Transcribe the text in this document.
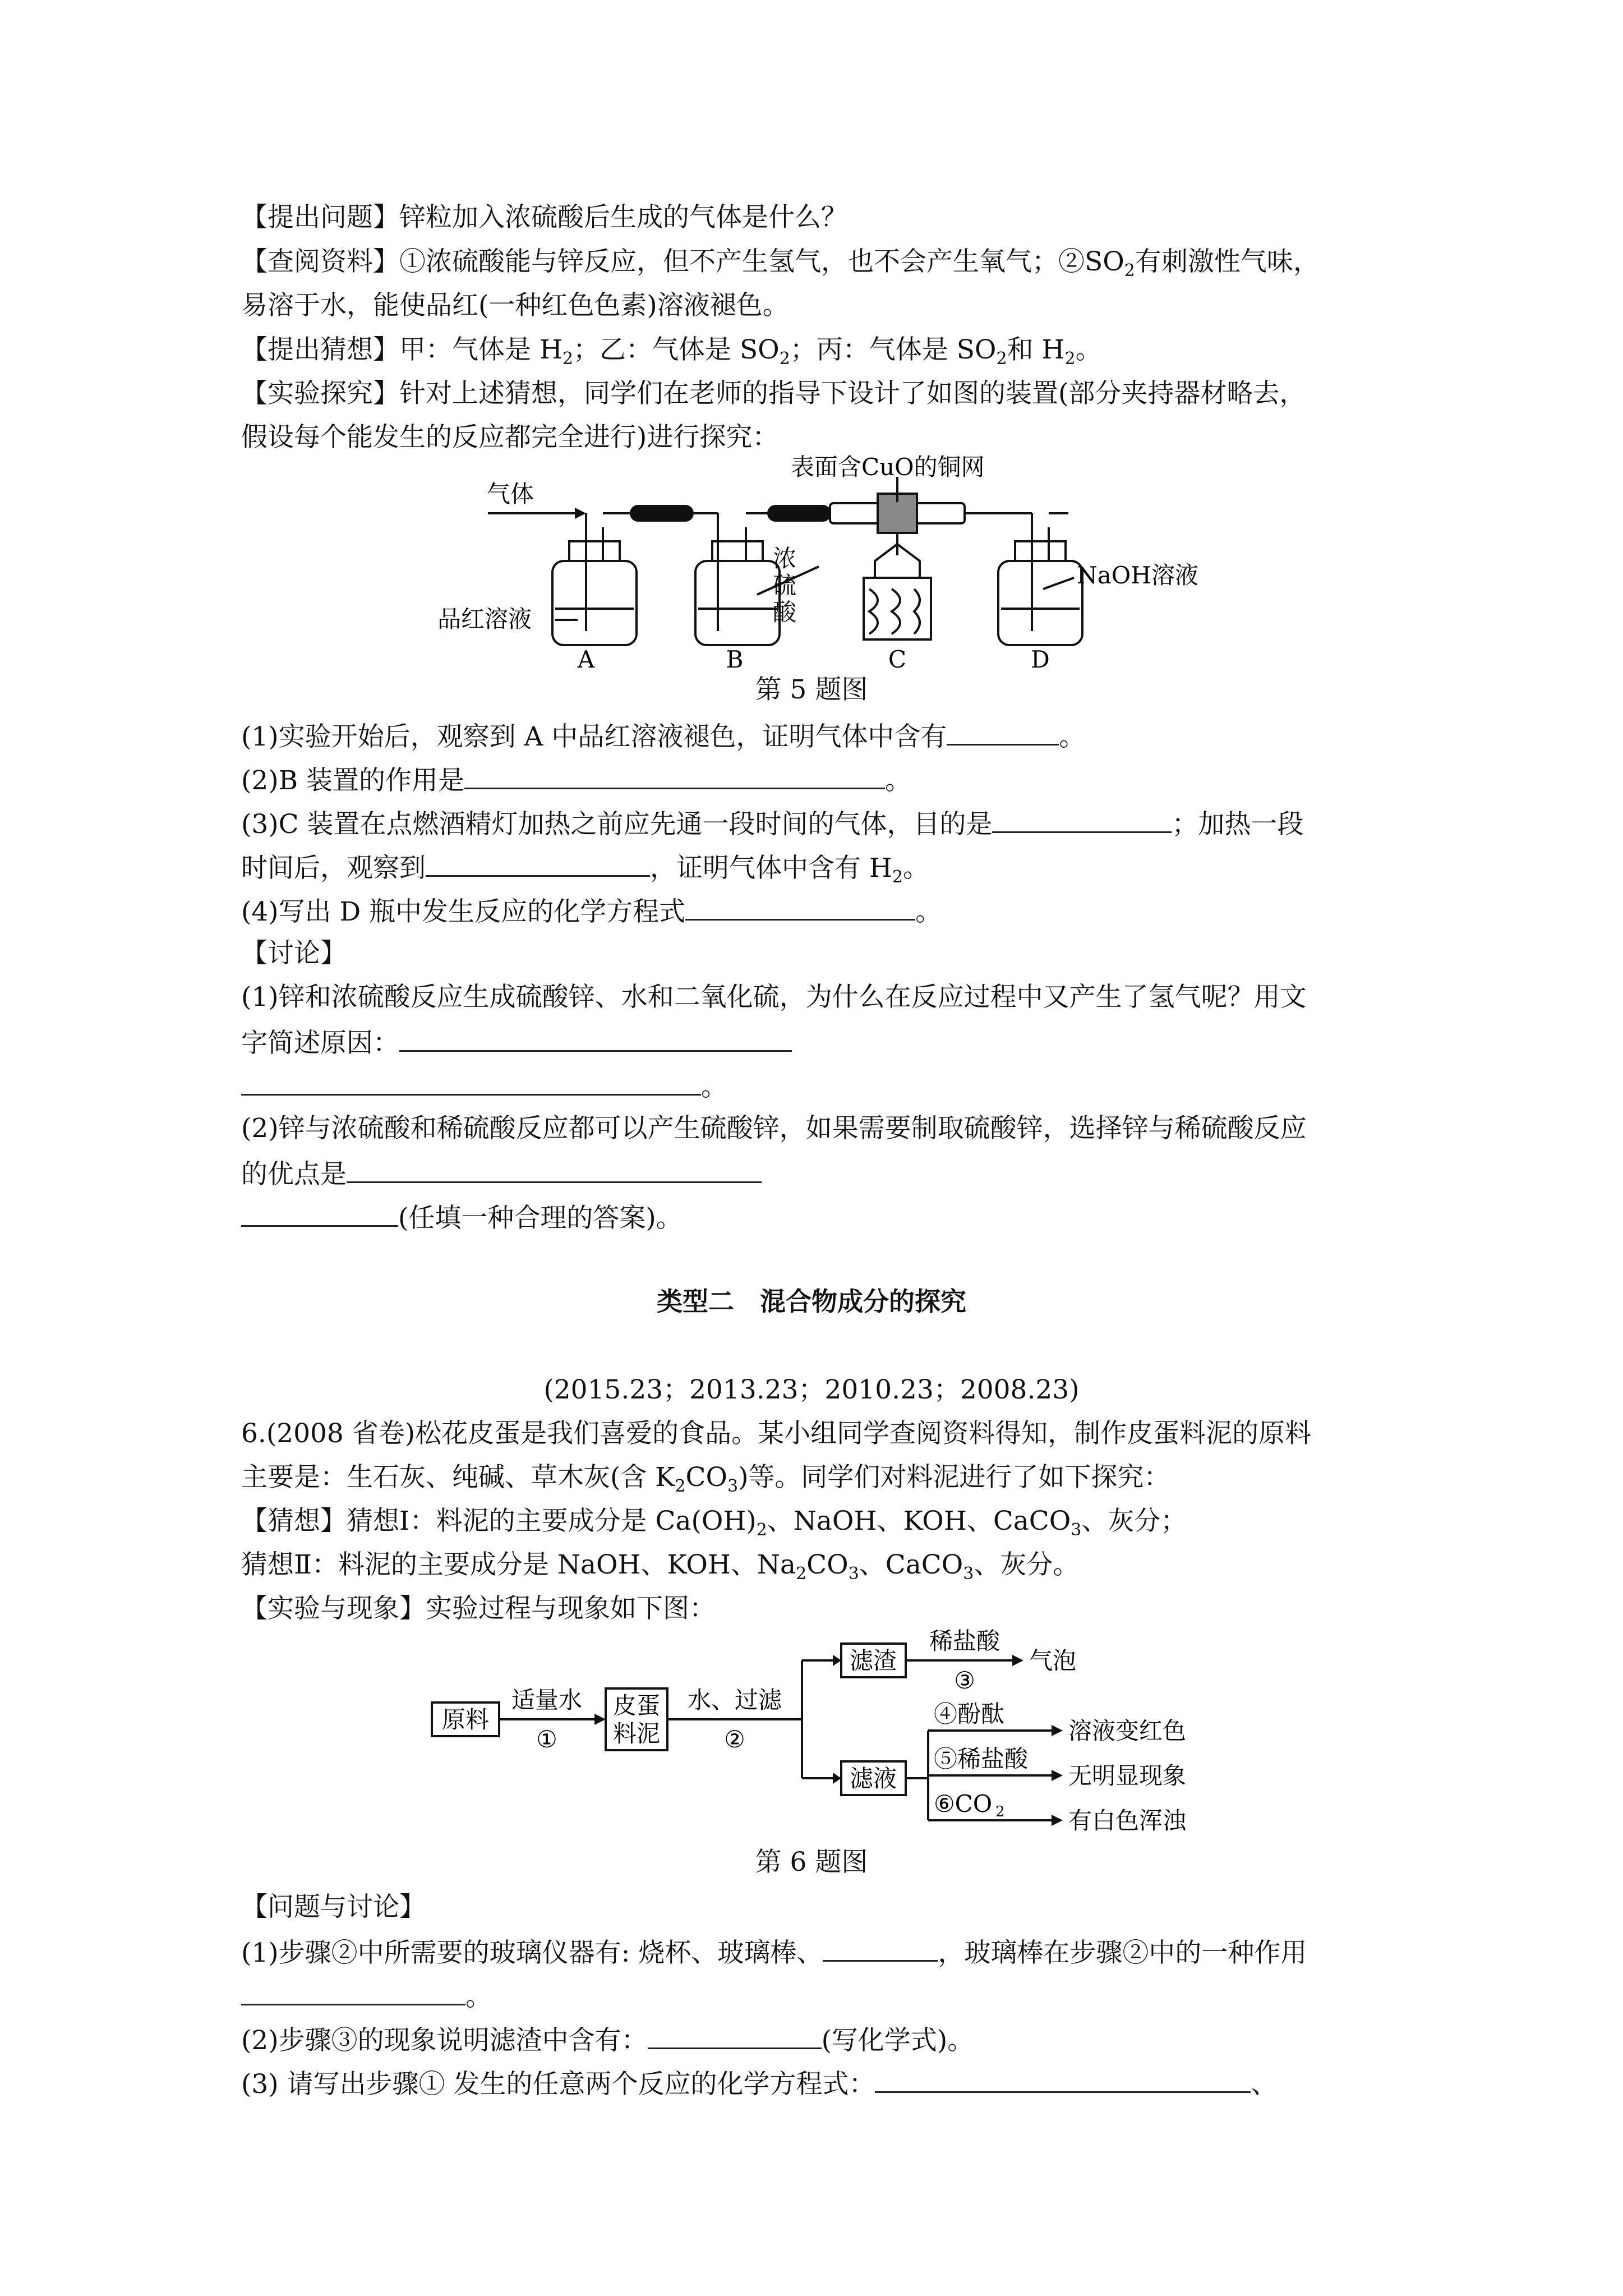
【提出问题】锌粒加入浓硫酸后生成的气体是什么？
【查阅资料】①浓硫酸能与锌反应，但不产生氢气，也不会产生氧气；$②SO_2$有刺激性气味，
易溶于水，能使品红(一种红色色素)溶液褪色。
【提出猜想】甲：气体是 $H_2$；乙：气体是 $SO_2$；丙：气体是 $SO_2$和 $H_2$。
【实验探究】针对上述猜想，同学们在老师的指导下设计了如图的装置(部分夹持器材略去，
假设每个能发生的反应都完全进行)进行探究：
气体
表面含CuO的铜网
品红溶液
浓
硫
酸
NaOH溶液
A	B	C	D
第 5 题图
(1)实验开始后，观察到 A 中品红溶液褪色，证明气体中含有	。
(2)B 装置的作用是	。
(3)C 装置在点燃酒精灯加热之前应先通一段时间的气体，目的是	；加热一段
时间后，观察到	，证明气体中含有 $H_2$。
(4)写出 D 瓶中发生反应的化学方程式	。
【讨论】
(1)锌和浓硫酸反应生成硫酸锌、水和二氧化硫，为什么在反应过程中又产生了氢气呢？用文
字简述原因：
。
(2)锌与浓硫酸和稀硫酸反应都可以产生硫酸锌，如果需要制取硫酸锌，选择锌与稀硫酸反应
的优点是
(任填一种合理的答案)。
类型二　混合物成分的探究
(2015.23；2013.23；2010.23；2008.23)
6.(2008 省卷)松花皮蛋是我们喜爱的食品。某小组同学查阅资料得知，制作皮蛋料泥的原料
主要是：生石灰、纯碱、草木灰(含 $K_2CO_3$)等。同学们对料泥进行了如下探究：
【猜想】猜想Ⅰ：料泥的主要成分是 $Ca(OH)_2$、NaOH、KOH、CaCO$_3$、灰分；
猜想Ⅱ：料泥的主要成分是 NaOH、KOH、$Na_2CO_3$、CaCO$_3$、灰分。
【实验与现象】实验过程与现象如下图：
原料
适量水
①
皮蛋
料泥
水、过滤
②
滤渣
稀盐酸
③
气泡
滤液
④酚酞
溶液变红色
⑤稀盐酸
无明显现象
⑥CO 2	有白色浑浊
第 6 题图
【问题与讨论】
(1)步骤②中所需要的玻璃仪器有: 烧杯、玻璃棒、	，玻璃棒在步骤②中的一种作用
。
(2)步骤③的现象说明滤渣中含有：	(写化学式)。
(3) 请写出步骤① 发生的任意两个反应的化学方程式：	、
